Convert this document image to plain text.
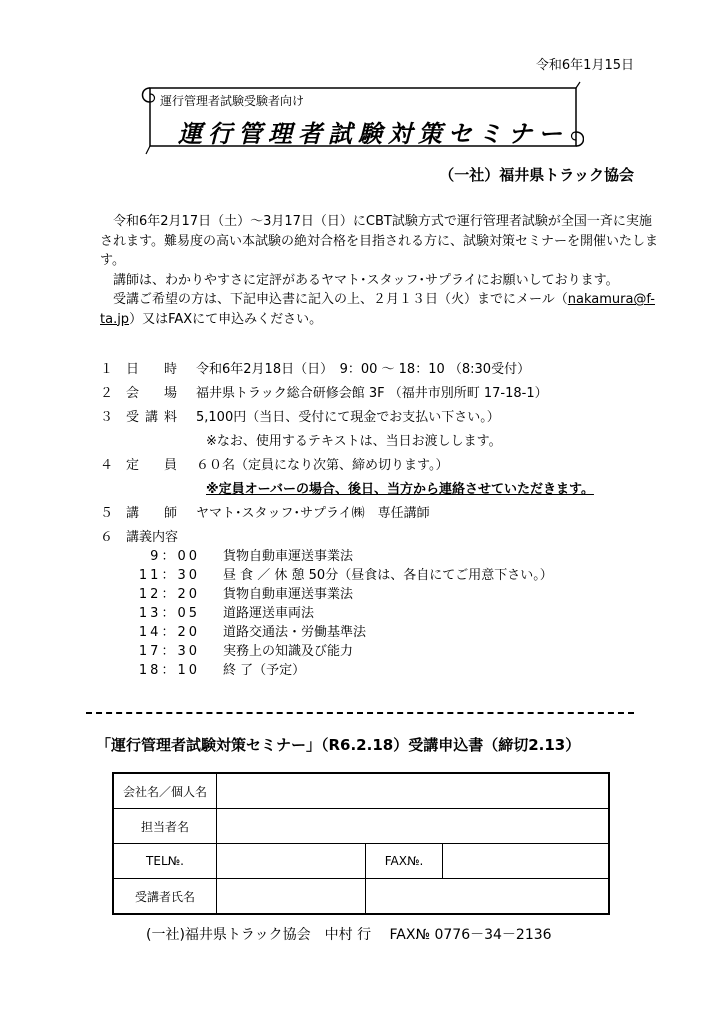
令和6年1月15日
運行管理者試験受験者向け
運行管理者試験対策セミナー
（一社）福井県トラック協会

令和6年2月17日（土）～3月17日（日）にCBT試験方式で運行管理者試験が全国一斉に実施されます。難易度の高い本試験の絶対合格を目指される方に、試験対策セミナーを開催いたします。

講師は、わかりやすさに定評があるヤマト･スタッフ･サプライにお願いしております。

受講ご希望の方は、下記申込書に記入の上、２月１３日（火）までにメール（nakamura@f-ta.jp）又はFAXにて申込みください。

１ 日　時 令和6年2月18日（日）　9：00 ～ 18：10 （8:30受付）
２ 会　場 福井県トラック総合研修会館 3F （福井市別所町 17-18-1）
３ 受講料 5,100円（当日、受付にて現金でお支払い下さい。）
※なお、使用するテキストは、当日お渡しします。
４ 定　員 ６０名（定員になり次第、締め切ります。）
※定員オーバーの場合、後日、当方から連絡させていただきます。
５ 講　師 ヤマト･スタッフ･サプライ㈱　専任講師
６ 講義内容
9：00 貨物自動車運送事業法
11：30 昼 食 ／ 休 憩 50分（昼食は、各自にてご用意下さい。）
12：20 貨物自動車運送事業法
13：05 道路運送車両法
14：20 道路交通法・労働基準法
17：30 実務上の知識及び能力
18：10 終 了（予定）
「運行管理者試験対策セミナー」（R6.2.18）受講申込書（締切2.13）
会社名／個人名			
担当者名			
TEL№.		FAX№.	
受講者氏名			
(一社)福井県トラック協会　中村 行　 FAX№ 0776－34－2136
